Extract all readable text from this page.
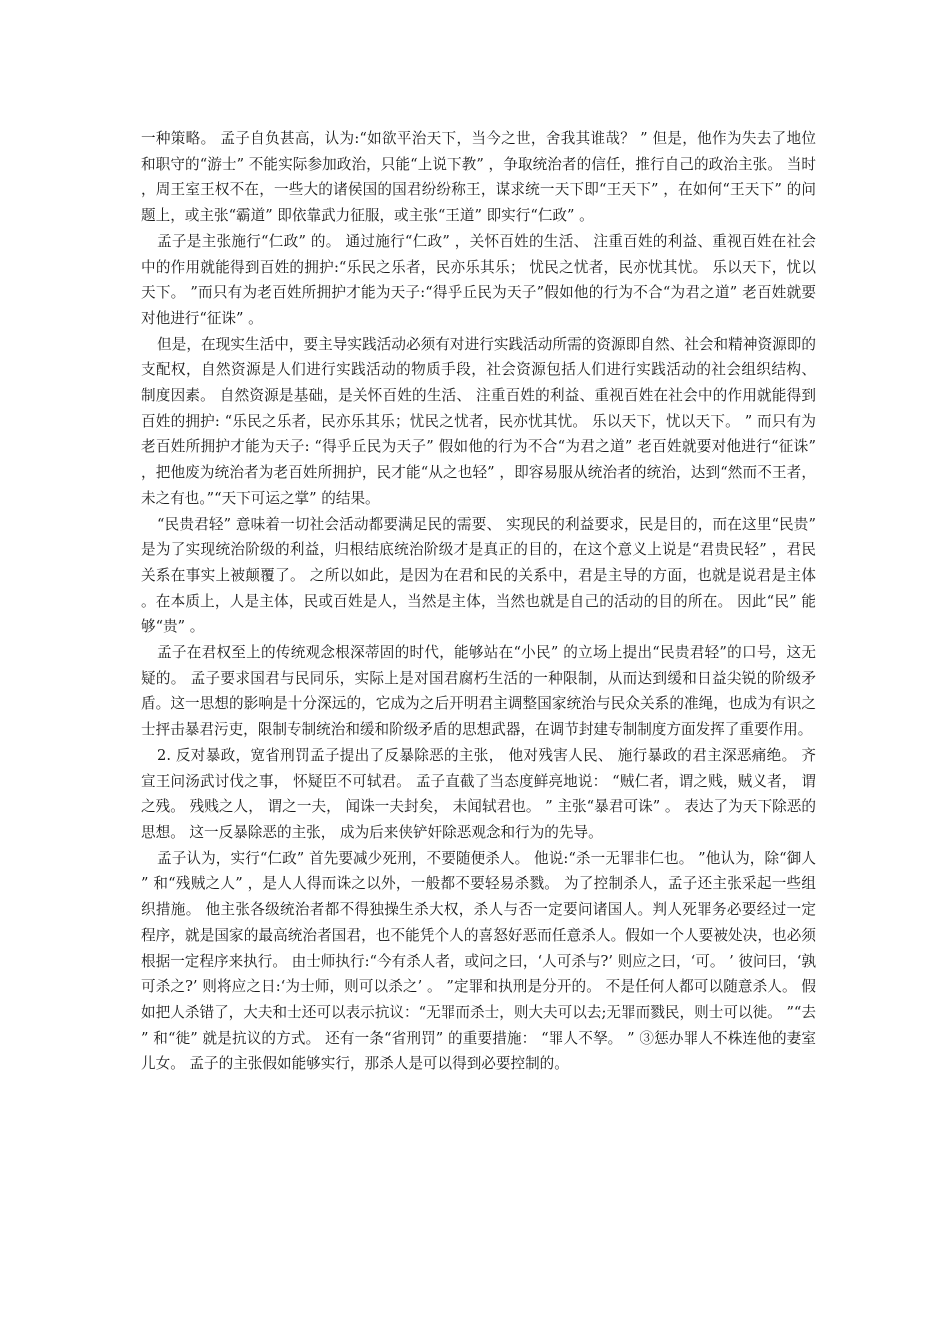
一种策略。 孟子自负甚高，认为:“如欲平治天下，当今之世，舍我其谁哉？ ” 但是，他作为失去了地位和职守的“游士” 不能实际参加政治，只能“上说下教” ，争取统治者的信任，推行自己的政治主张。 当时，周王室王权不在，一些大的诸侯国的国君纷纷称王，谋求统一天下即“王天下” ，在如何“王天下” 的问题上，或主张“霸道” 即依靠武力征服，或主张“王道” 即实行“仁政” 。

孟子是主张施行“仁政” 的。 通过施行“仁政” ，关怀百姓的生活、 注重百姓的利益、重视百姓在社会中的作用就能得到百姓的拥护:“乐民之乐者，民亦乐其乐； 忧民之忧者，民亦忧其忧。 乐以天下，忧以天下。 ”而只有为老百姓所拥护才能为天子:“得乎丘民为天子”假如他的行为不合“为君之道” 老百姓就要对他进行“征诛” 。

但是，在现实生活中，要主导实践活动必须有对进行实践活动所需的资源即自然、社会和精神资源即的支配权，自然资源是人们进行实践活动的物质手段，社会资源包括人们进行实践活动的社会组织结构、 制度因素。 自然资源是基础，是关怀百姓的生活、 注重百姓的利益、重视百姓在社会中的作用就能得到百姓的拥护: “乐民之乐者，民亦乐其乐；忧民之忧者，民亦忧其忧。 乐以天下，忧以天下。 ” 而只有为老百姓所拥护才能为天子: “得乎丘民为天子” 假如他的行为不合“为君之道” 老百姓就要对他进行“征诛” ，把他废为统治者为老百姓所拥护，民才能“从之也轻” ，即容易服从统治者的统治，达到“然而不王者，未之有也。”“天下可运之掌” 的结果。

“民贵君轻” 意味着一切社会活动都要满足民的需要、 实现民的利益要求，民是目的，而在这里“民贵” 是为了实现统治阶级的利益，归根结底统治阶级才是真正的目的，在这个意义上说是“君贵民轻” ，君民关系在事实上被颠覆了。 之所以如此，是因为在君和民的关系中，君是主导的方面，也就是说君是主体。在本质上，人是主体，民或百姓是人，当然是主体，当然也就是自己的活动的目的所在。 因此“民” 能够“贵” 。

孟子在君权至上的传统观念根深蒂固的时代，能够站在“小民” 的立场上提出“民贵君轻”的口号，这无疑的。 孟子要求国君与民同乐，实际上是对国君腐朽生活的一种限制，从而达到缓和日益尖锐的阶级矛盾。这一思想的影响是十分深远的，它成为之后开明君主调整国家统治与民众关系的准绳，也成为有识之士抨击暴君污吏，限制专制统治和缓和阶级矛盾的思想武器，在调节封建专制制度方面发挥了重要作用。

2. 反对暴政，宽省刑罚孟子提出了反暴除恶的主张， 他对残害人民、 施行暴政的君主深恶痛绝。 齐宣王问汤武讨伐之事， 怀疑臣不可轼君。 孟子直截了当态度鲜亮地说： “贼仁者，谓之贱，贼义者， 谓之残。 残贱之人， 谓之一夫， 闻诛一夫封矣， 未闻轼君也。 ” 主张“暴君可诛” 。 表达了为天下除恶的思想。 这一反暴除恶的主张， 成为后来侠铲奸除恶观念和行为的先导。

孟子认为，实行“仁政” 首先要减少死刑，不要随便杀人。 他说:“杀一无罪非仁也。 ”他认为，除“御人” 和“残贼之人” ，是人人得而诛之以外，一般都不要轻易杀戮。 为了控制杀人，孟子还主张采起一些组织措施。 他主张各级统治者都不得独操生杀大权，杀人与否一定要问诸国人。判人死罪务必要经过一定程序，就是国家的最高统治者国君，也不能凭个人的喜怒好恶而任意杀人。假如一个人要被处决，也必须根据一定程序来执行。 由士师执行:“今有杀人者，或问之曰，‘人可杀与?’ 则应之曰，‘可。 ’ 彼问曰，‘孰可杀之?’ 则将应之日:‘为士师，则可以杀之’ 。 ”定罪和执刑是分开的。 不是任何人都可以随意杀人。 假如把人杀错了，大夫和士还可以表示抗议：“无罪而杀士，则大夫可以去;无罪而戮民，则士可以徙。 ”“去” 和“徙” 就是抗议的方式。 还有一条“省刑罚” 的重要措施： “罪人不孥。 ” ③惩办罪人不株连他的妻室儿女。 孟子的主张假如能够实行，那杀人是可以得到必要控制的。
